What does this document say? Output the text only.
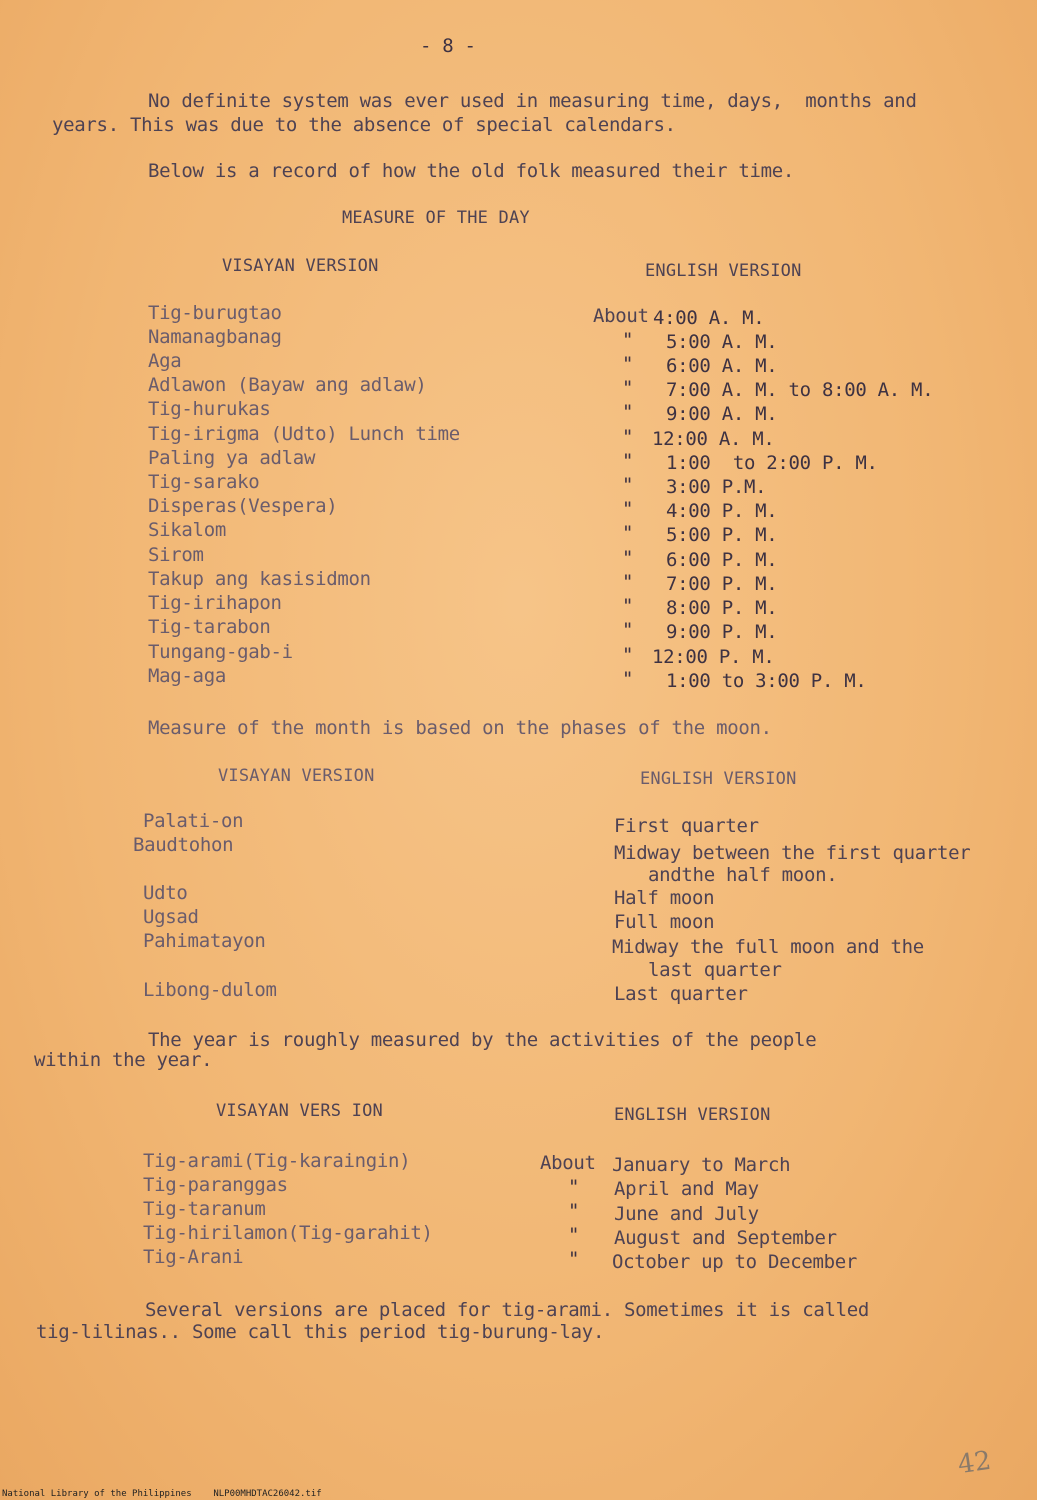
- 8 -
No definite system was ever used in measuring time, days,  months and
years. This was due to the absence of special calendars.
Below is a record of how the old folk measured their time.
MEASURE OF THE DAY
VISAYAN VERSION	ENGLISH VERSION
Tig-burugtao	About 4:00 A. M.
Namanagbanag	" 5:00 A. M.
Aga	" 6:00 A. M.
Adlawon (Bayaw ang adlaw)	" 7:00 A. M. to 8:00 A. M.
Tig-hurukas	" 9:00 A. M.
Tig-irigma (Udto) Lunch time	" 12:00 A. M.
Paling ya adlaw	" 1:00  to 2:00 P. M.
Tig-sarako	" 3:00 P.M.
Disperas(Vespera)	" 4:00 P. M.
Sikalom	" 5:00 P. M.
Sirom	" 6:00 P. M.
Takup ang kasisidmon	" 7:00 P. M.
Tig-irihapon	" 8:00 P. M.
Tig-tarabon	" 9:00 P. M.
Tungang-gab-i	" 12:00 P. M.
Mag-aga	" 1:00 to 3:00 P. M.
Measure of the month is based on the phases of the moon.
VISAYAN VERSION	ENGLISH VERSION
Palati-on	First quarter
Baudtohon	Midway between the first quarter
andthe half moon.
Udto	Half moon
Ugsad	Full moon
Pahimatayon	Midway the full moon and the
last quarter
Libong-dulom	Last quarter
The year is roughly measured by the activities of the people
within the year.
VISAYAN VERS ION	ENGLISH VERSION
Tig-arami(Tig-karaingin)	About January to March
Tig-paranggas	" April and May
Tig-taranum	" June and July
Tig-hirilamon(Tig-garahit)	" August and September
Tig-Arani	" October up to December
Several versions are placed for tig-arami. Sometimes it is called
tig-lilinas.. Some call this period tig-burung-lay.
42
National Library of the Philippines    NLP00MHDTAC26042.tif
